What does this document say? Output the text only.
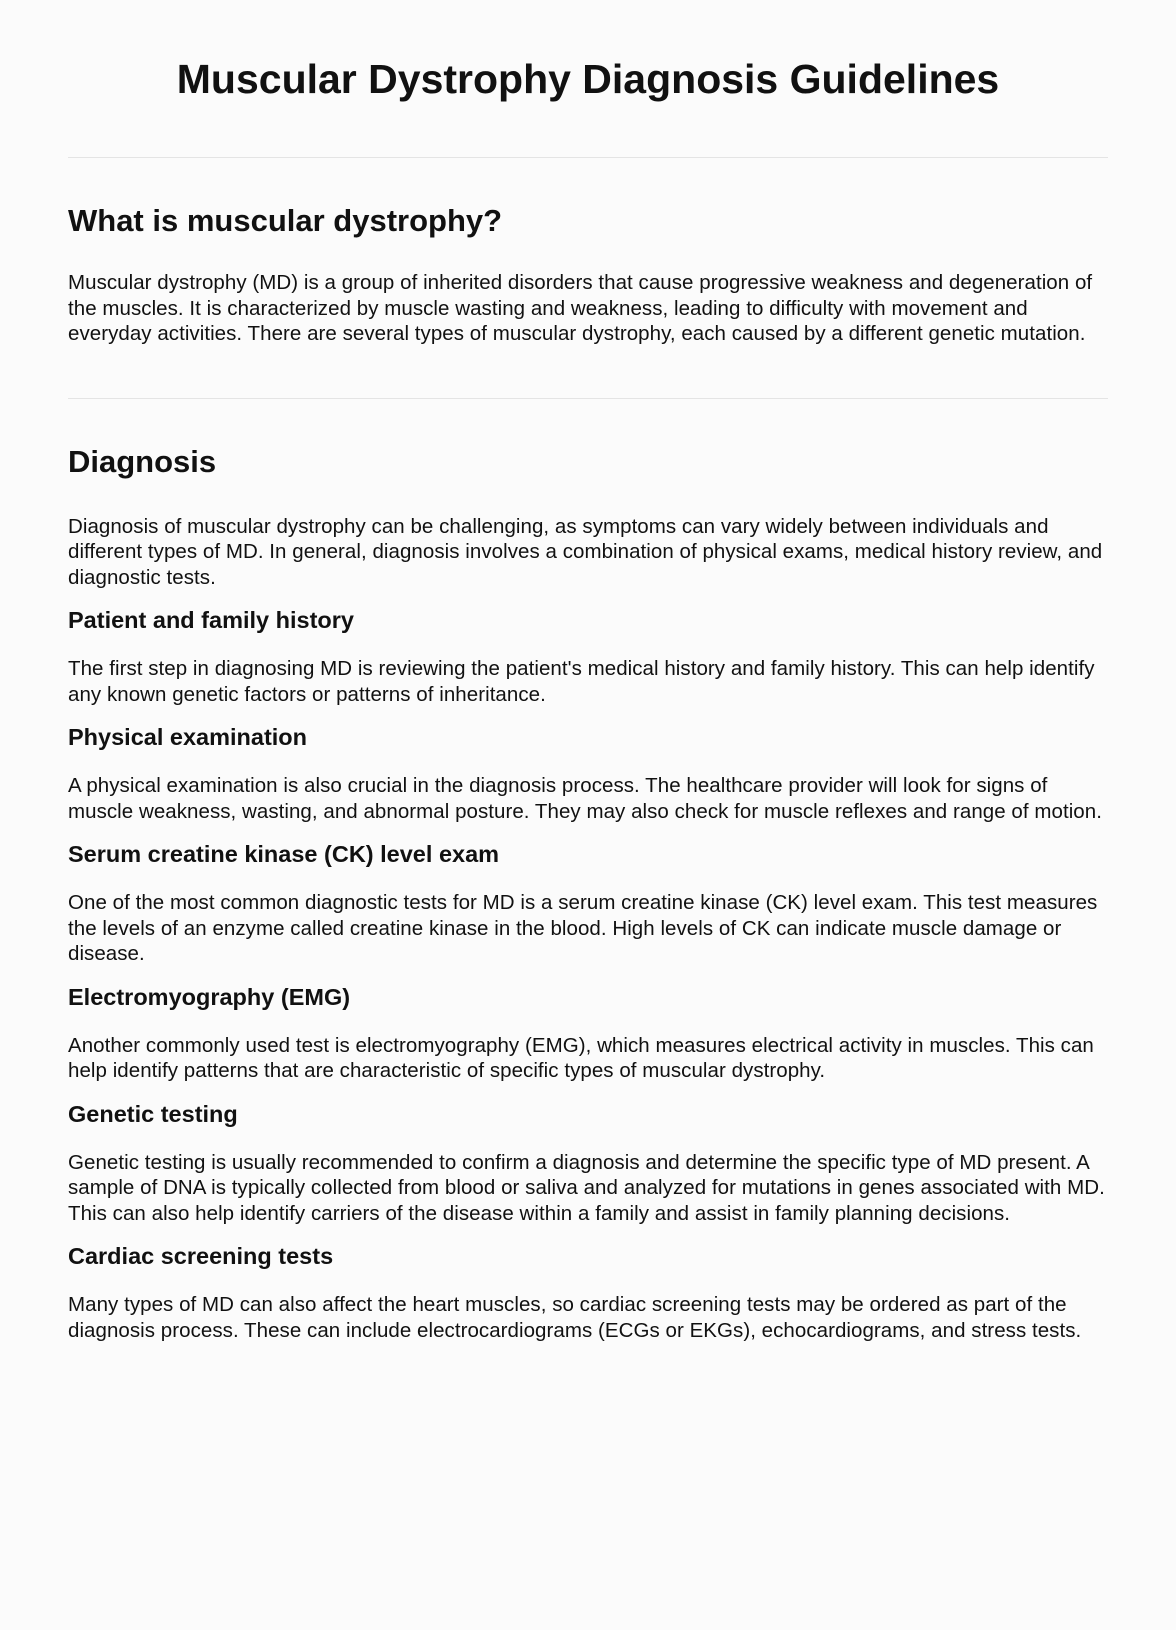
Muscular Dystrophy Diagnosis Guidelines
What is muscular dystrophy?

Muscular dystrophy (MD) is a group of inherited disorders that cause progressive weakness and degeneration of the muscles. It is characterized by muscle wasting and weakness, leading to difficulty with movement and everyday activities. There are several types of muscular dystrophy, each caused by a different genetic mutation.

Diagnosis

Diagnosis of muscular dystrophy can be challenging, as symptoms can vary widely between individuals and different types of MD. In general, diagnosis involves a combination of physical exams, medical history review, and diagnostic tests.

Patient and family history

The first step in diagnosing MD is reviewing the patient's medical history and family history. This can help identify any known genetic factors or patterns of inheritance.

Physical examination

A physical examination is also crucial in the diagnosis process. The healthcare provider will look for signs of muscle weakness, wasting, and abnormal posture. They may also check for muscle reflexes and range of motion.

Serum creatine kinase (CK) level exam

One of the most common diagnostic tests for MD is a serum creatine kinase (CK) level exam. This test measures the levels of an enzyme called creatine kinase in the blood. High levels of CK can indicate muscle damage or disease.

Electromyography (EMG)

Another commonly used test is electromyography (EMG), which measures electrical activity in muscles. This can help identify patterns that are characteristic of specific types of muscular dystrophy.

Genetic testing

Genetic testing is usually recommended to confirm a diagnosis and determine the specific type of MD present. A sample of DNA is typically collected from blood or saliva and analyzed for mutations in genes associated with MD. This can also help identify carriers of the disease within a family and assist in family planning decisions.

Cardiac screening tests

Many types of MD can also affect the heart muscles, so cardiac screening tests may be ordered as part of the diagnosis process. These can include electrocardiograms (ECGs or EKGs), echocardiograms, and stress tests.
